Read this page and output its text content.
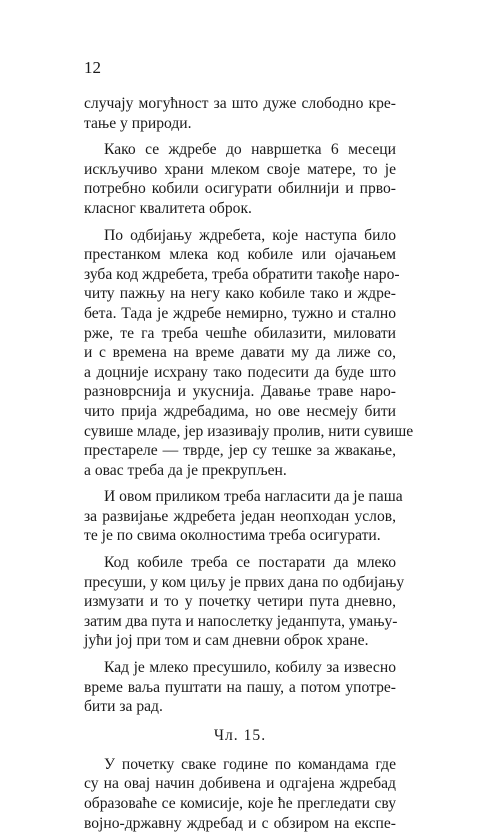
12
случају могућност за што дуже слободно кре-
тање у природи.
Како се ждребе до навршетка 6 месеци
искључиво храни млеком своје матере, то је
потребно кобили осигурати обилнији и прво-
класног квалитета оброк.
По одбијању ждребета, које наступа било
престанком млека код кобиле или ојачањем
зуба код ждребета, треба обратити такође наро-
читу пажњу на негу како кобиле тако и ждре-
бета. Тада је ждребе немирно, тужно и стално
рже, те га треба чешће обилазити, миловати
и с времена на време давати му да лиже со,
а доцније исхрану тако подесити да буде што
разноврснија и укуснија. Давање траве наро-
чито прија ждребадима, но ове несмеју бити
сувише младе, јер изазивају пролив, нити сувише
престареле — тврде, јер су тешке за жвакање,
а овас треба да је прекрупљен.
И овом приликом треба нагласити да је паша
за развијање ждребета један неопходан услов,
те је по свима околностима треба осигурати.
Код кобиле треба се постарати да млеко
пресуши, у ком циљу је првих дана по одбијању
измузати и то у почетку четири пута дневно,
затим два пута и напослетку једанпута, умању-
јући јој при том и сам дневни оброк хране.
Кад је млеко пресушило, кобилу за извесно
време ваља пуштати на пашу, а потом употре-
бити за рад.
Чл. 15.
У почетку сваке године по командама где
су на овај начин добивена и одгајена ждребад
образоваће се комисије, које ће прегледати сву
војно-државну ждребад и с обзиром на експе-
